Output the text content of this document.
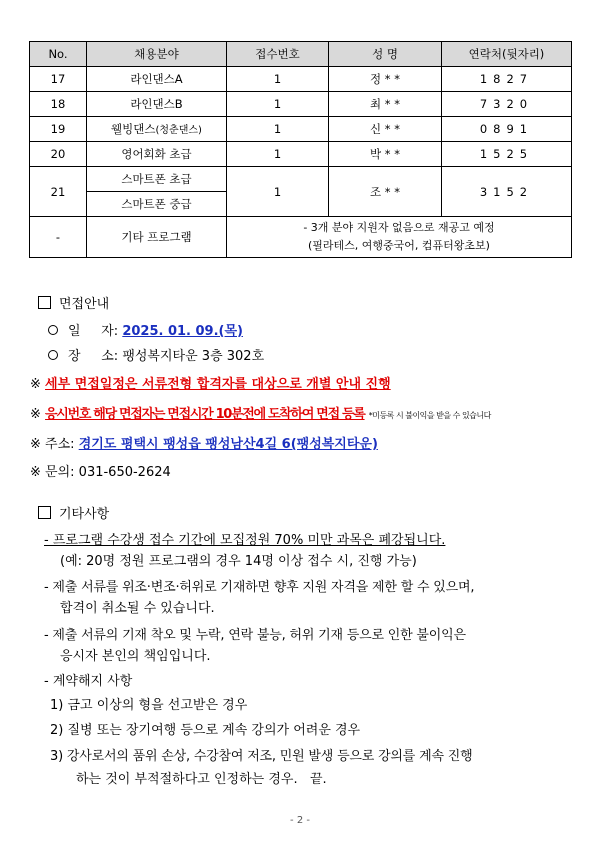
No.	채용분야	접수번호	성 명	연락처(뒷자리)
17	라인댄스A	1	정 * *	1827
18	라인댄스B	1	최 * *	7320
19	웰빙댄스(청춘댄스)	1	신 * *	0891
20	영어회화 초급	1	박 * *	1525
21	스마트폰 초급	1	조 * *	3152
	스마트폰 중급			
-	기타 프로그램	- 3개 분야 지원자 없음으로 재공고 예정
(필라테스, 여행중국어, 컴퓨터왕초보)		
면접안내
일     자: 2025. 01. 09.(목)
장     소: 팽성복지타운 3층 302호
※ 세부 면접일정은 서류전형 합격자를 대상으로 개별 안내 진행
※ 응시번호 해당 면접자는 면접시간 10분전에 도착하여 면접 등록 *미등록 시 불이익을 받을 수 있습니다
※ 주소: 경기도 평택시 팽성읍 팽성남산4길 6(팽성복지타운)
※ 문의: 031-650-2624
기타사항
- 프로그램 수강생 접수 기간에 모집정원 70% 미만 과목은 폐강됩니다.
(예: 20명 정원 프로그램의 경우 14명 이상 접수 시, 진행 가능)
- 제출 서류를 위조·변조·허위로 기재하면 향후 지원 자격을 제한 할 수 있으며,
합격이 취소될 수 있습니다.
- 제출 서류의 기재 착오 및 누락, 연락 불능, 허위 기재 등으로 인한 불이익은
응시자 본인의 책임입니다.
- 계약해지 사항
1) 금고 이상의 형을 선고받은 경우
2) 질병 또는 장기여행 등으로 계속 강의가 어려운 경우
3) 강사로서의 품위 손상, 수강참여 저조, 민원 발생 등으로 강의를 계속 진행
하는 것이 부적절하다고 인정하는 경우.   끝.
- 2 -
